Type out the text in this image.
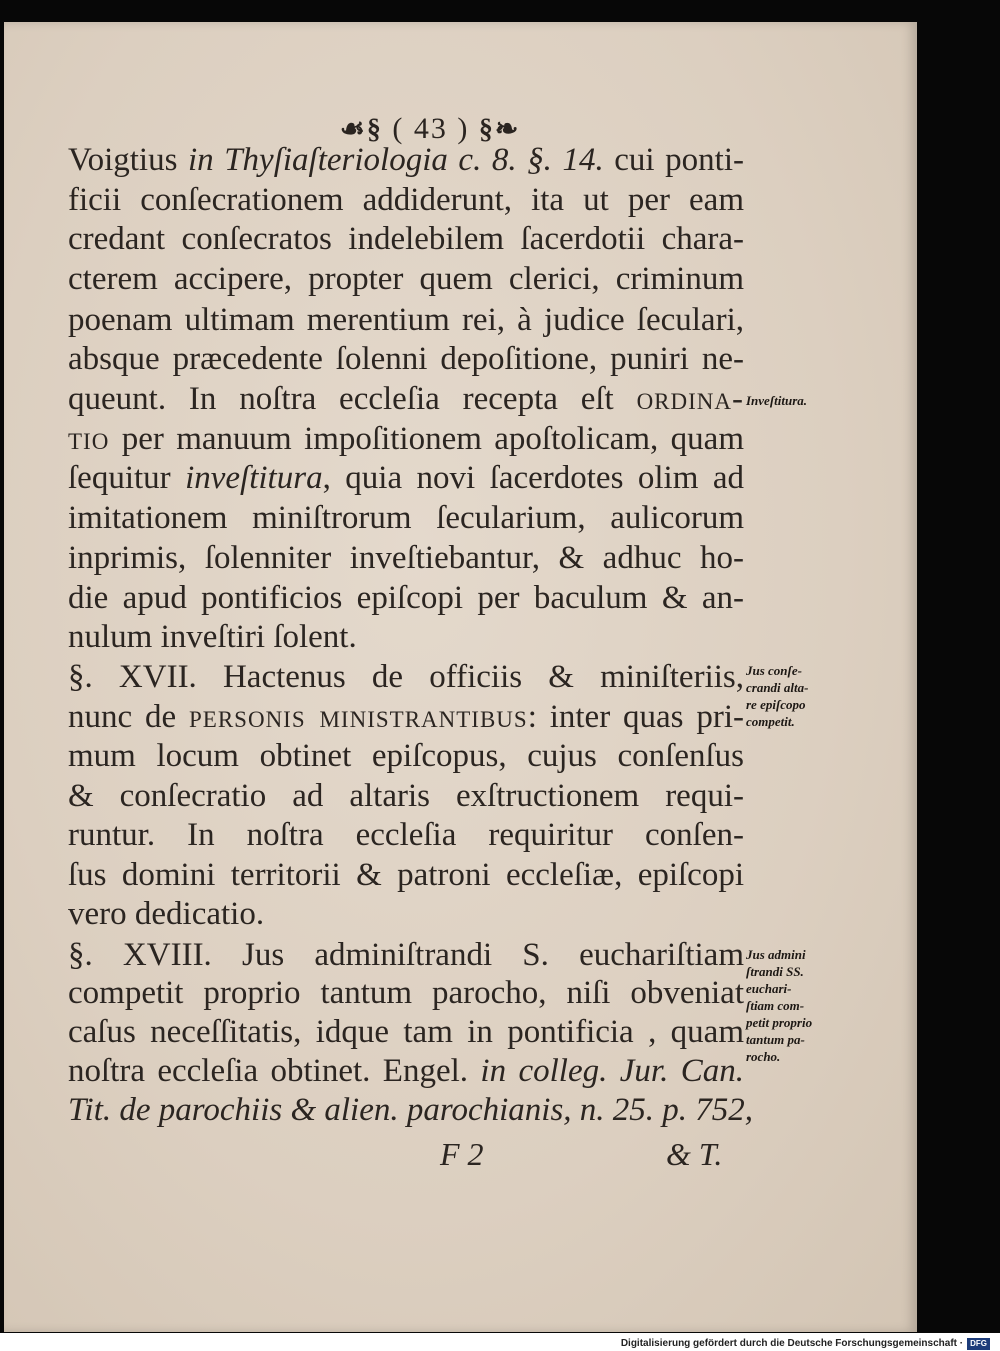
☙§ ( 43 ) §❧
Voigtius in Thyſiaſteriologia c. 8. §. 14. cui ponti-
ficii conſecrationem addiderunt, ita ut per eam
credant conſecratos indelebilem ſacerdotii chara-
cterem accipere, propter quem clerici, criminum
poenam ultimam merentium rei, à judice ſeculari,
absque præcedente ſolenni depoſitione, puniri ne-
queunt. In noſtra eccleſia recepta eſt ordina-
tio per manuum impoſitionem apoſtolicam, quam
ſequitur inveſtitura, quia novi ſacerdotes olim ad
imitationem miniſtrorum ſecularium, aulicorum
inprimis, ſolenniter inveſtiebantur, & adhuc ho-
die apud pontificios epiſcopi per baculum & an-
nulum inveſtiri ſolent.
§. XVII. Hactenus de officiis & miniſteriis,
nunc de personis ministrantibus: inter quas pri-
mum locum obtinet epiſcopus, cujus conſenſus
& conſecratio ad altaris exſtructionem requi-
runtur. In noſtra eccleſia requiritur conſen-
ſus domini territorii & patroni eccleſiæ, epiſcopi
vero dedicatio.
§. XVIII. Jus adminiſtrandi S. euchariſtiam
competit proprio tantum parocho, niſi obveniat
caſus neceſſitatis, idque tam in pontificia , quam
noſtra eccleſia obtinet. Engel. in colleg. Jur. Can.
Tit. de parochiis & alien. parochianis, n. 25. p. 752,
Inveſtitura.
Jus conſe-
crandi alta-
re epiſcopo
competit.
Jus admini
ſtrandi SS.
euchari-
ſtiam com-
petit proprio
tantum pa-
rocho.
F 2	& T.
Digitalisierung gefördert durch die Deutsche Forschungsgemeinschaft · DFG
